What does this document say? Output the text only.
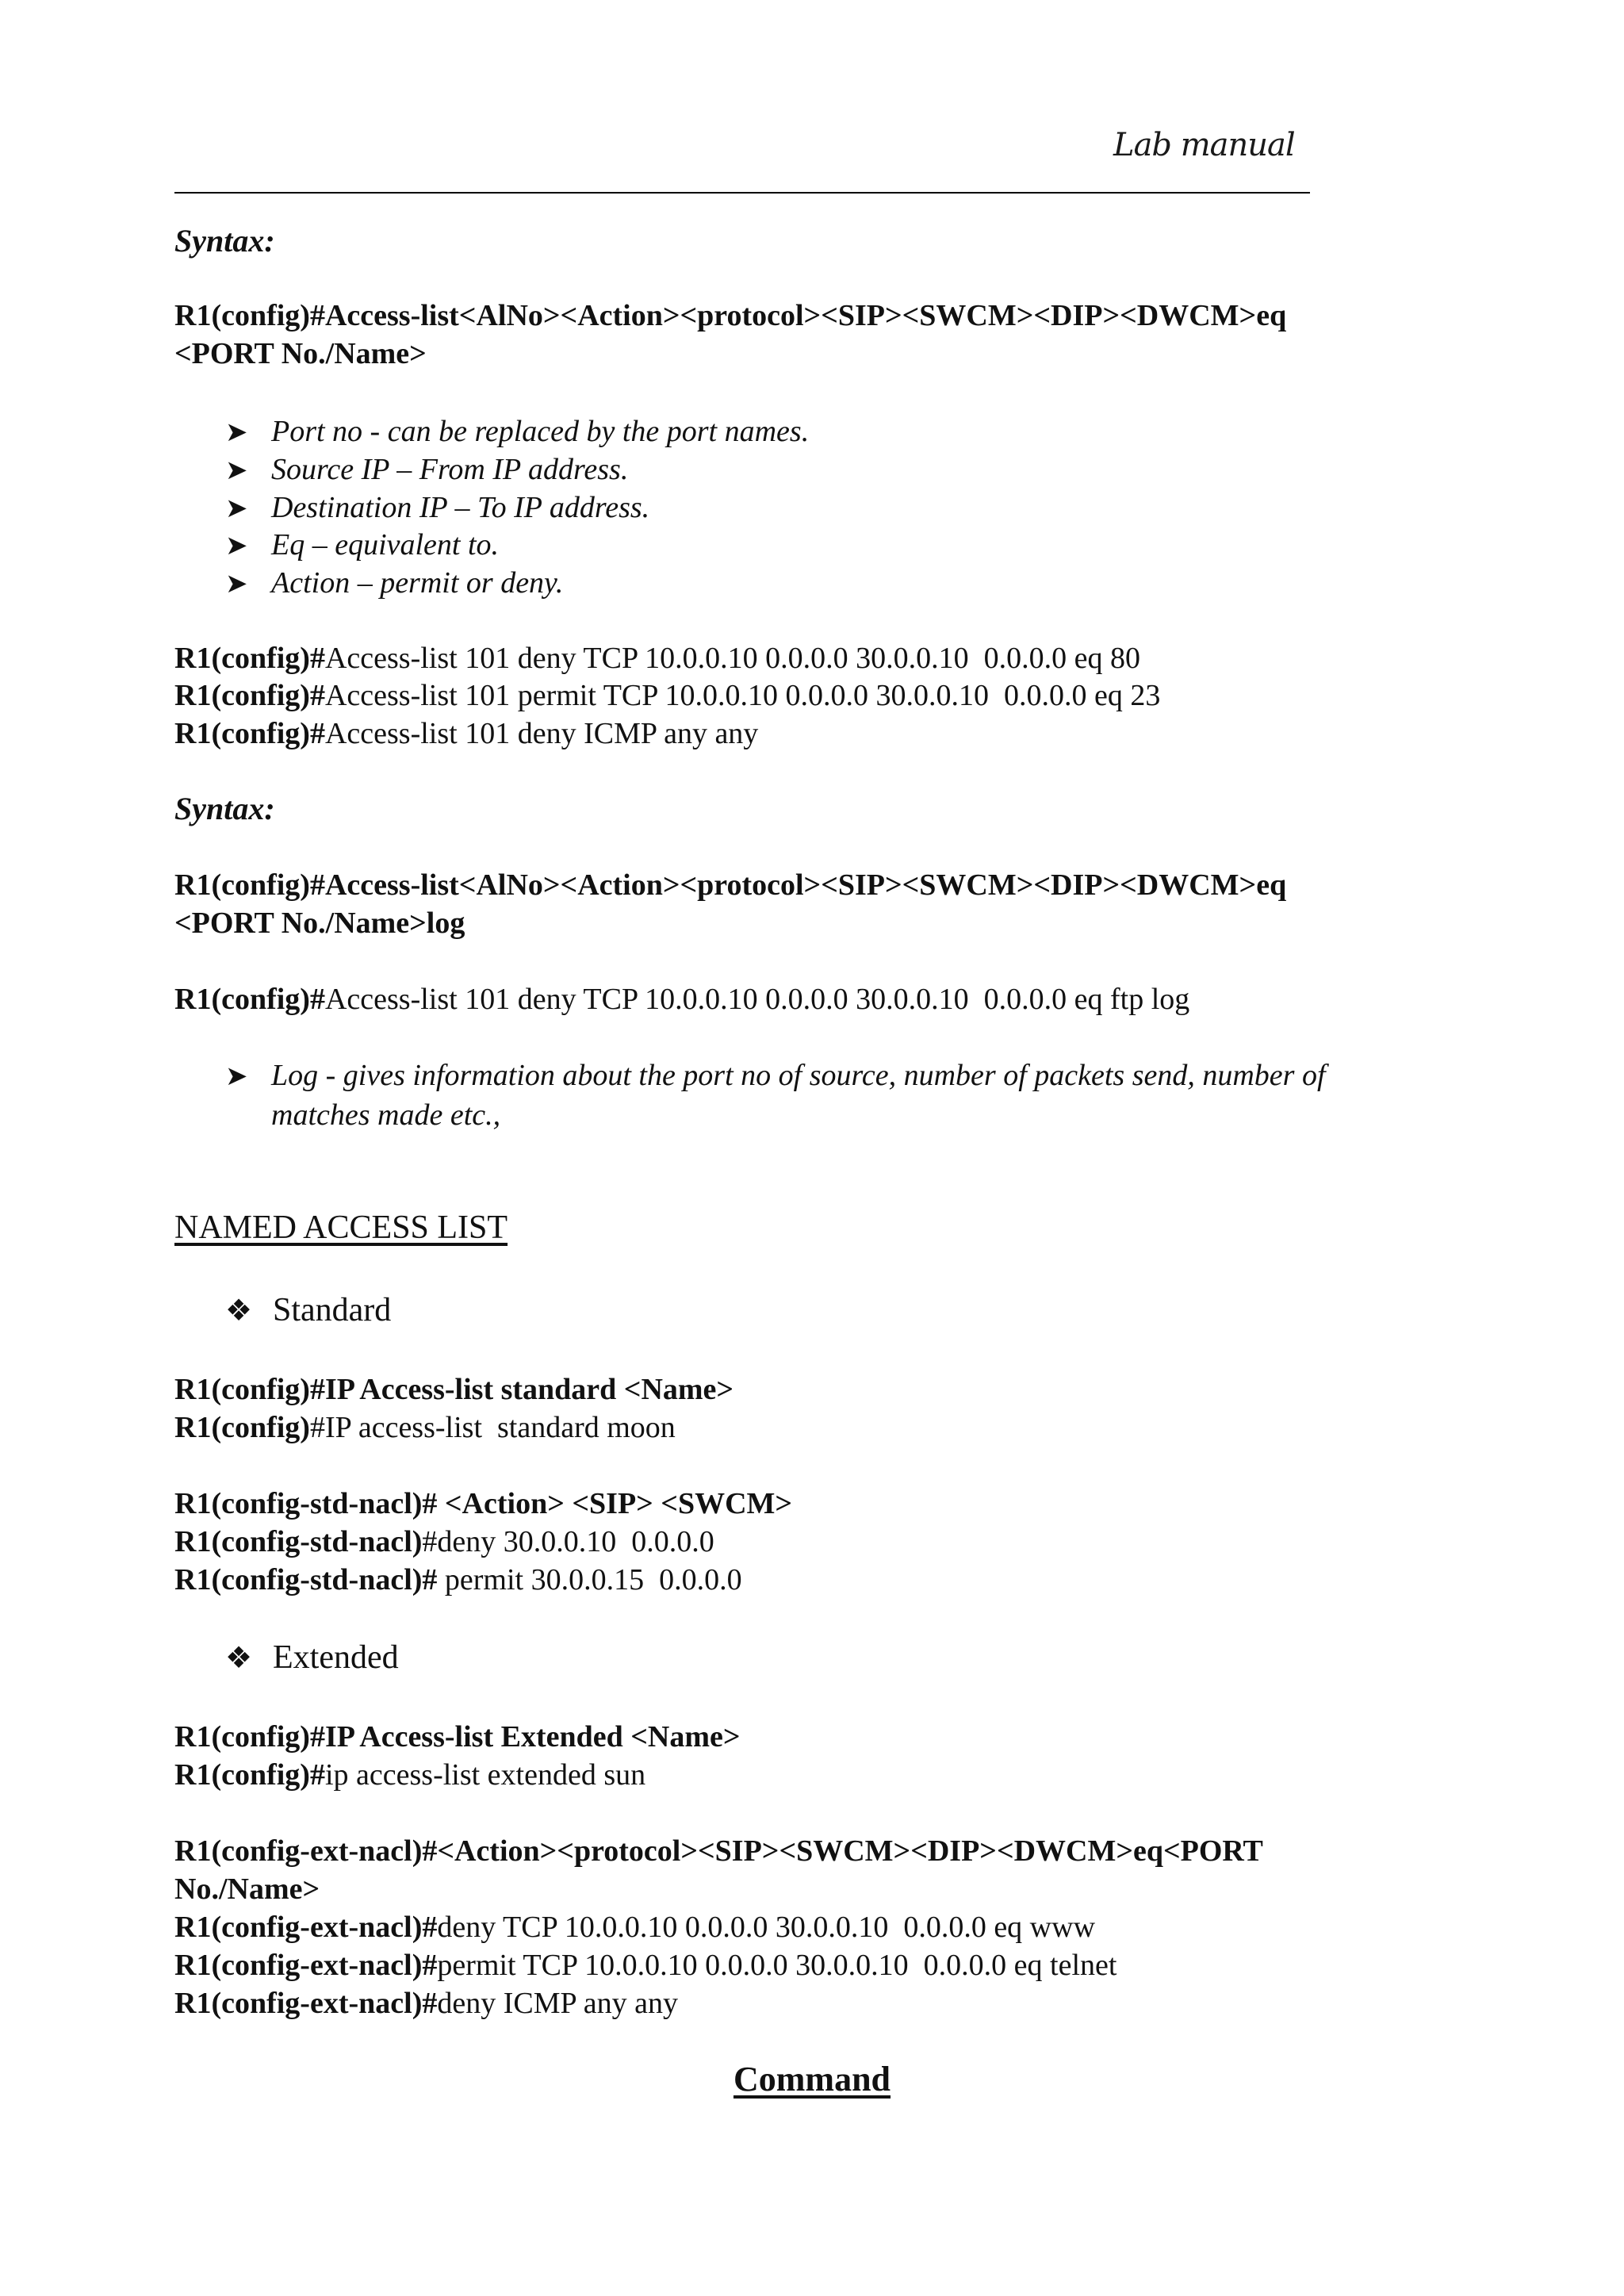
Lab manual
Syntax:
R1(config)#Access-list<AlNo><Action><protocol><SIP><SWCM><DIP><DWCM>eq
<PORT No./Name>
➤ Port no - can be replaced by the port names.
➤ Source IP – From IP address.
➤ Destination IP – To IP address.
➤ Eq – equivalent to.
➤ Action – permit or deny.
R1(config)#Access-list 101 deny TCP 10.0.0.10 0.0.0.0 30.0.0.10  0.0.0.0 eq 80
R1(config)#Access-list 101 permit TCP 10.0.0.10 0.0.0.0 30.0.0.10  0.0.0.0 eq 23
R1(config)#Access-list 101 deny ICMP any any
Syntax:
R1(config)#Access-list<AlNo><Action><protocol><SIP><SWCM><DIP><DWCM>eq
<PORT No./Name>log
R1(config)#Access-list 101 deny TCP 10.0.0.10 0.0.0.0 30.0.0.10  0.0.0.0 eq ftp log
➤ Log - gives information about the port no of source, number of packets send, number of
matches made etc.,
NAMED ACCESS LIST
❖ Standard
R1(config)#IP Access-list standard <Name>
R1(config)#IP access-list  standard moon
R1(config-std-nacl)# <Action> <SIP> <SWCM>
R1(config-std-nacl)#deny 30.0.0.10  0.0.0.0
R1(config-std-nacl)# permit 30.0.0.15  0.0.0.0
❖ Extended
R1(config)#IP Access-list Extended <Name>
R1(config)#ip access-list extended sun
R1(config-ext-nacl)#<Action><protocol><SIP><SWCM><DIP><DWCM>eq<PORT
No./Name>
R1(config-ext-nacl)#deny TCP 10.0.0.10 0.0.0.0 30.0.0.10  0.0.0.0 eq www
R1(config-ext-nacl)#permit TCP 10.0.0.10 0.0.0.0 30.0.0.10  0.0.0.0 eq telnet
R1(config-ext-nacl)#deny ICMP any any
Command
